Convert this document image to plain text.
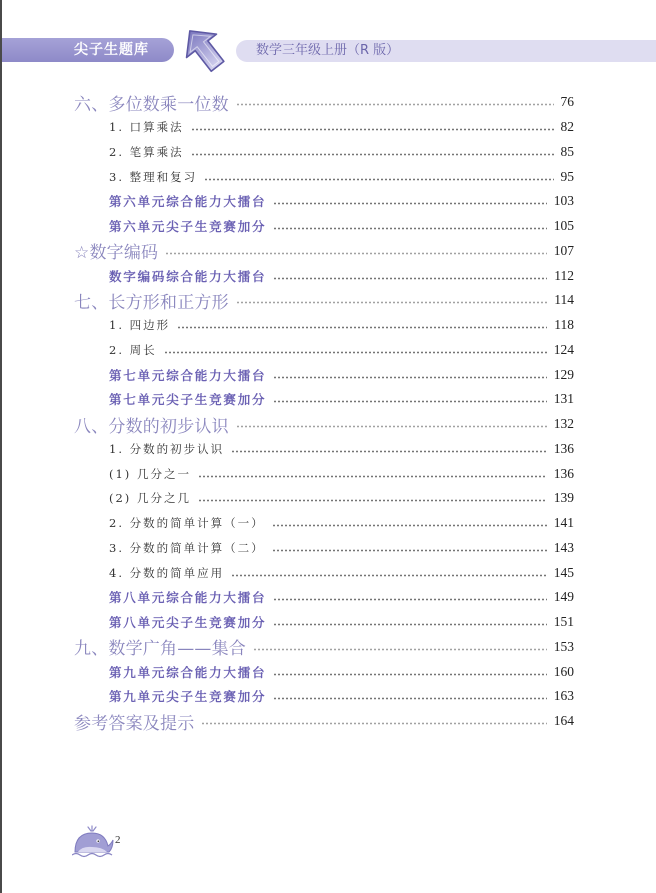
尖子生题库	数学三年级上册（R 版）
六、多位数乘一位数	76
1. 口算乘法	82
2. 笔算乘法	85
3. 整理和复习	95
第六单元综合能力大擂台	103
第六单元尖子生竞赛加分	105
☆数字编码	107
数字编码综合能力大擂台	112
七、长方形和正方形	114
1. 四边形	118
2. 周长	124
第七单元综合能力大擂台	129
第七单元尖子生竞赛加分	131
八、分数的初步认识	132
1. 分数的初步认识	136
(1) 几分之一	136
(2) 几分之几	139
2. 分数的简单计算（一）	141
3. 分数的简单计算（二）	143
4. 分数的简单应用	145
第八单元综合能力大擂台	149
第八单元尖子生竞赛加分	151
九、数学广角——集合	153
第九单元综合能力大擂台	160
第九单元尖子生竞赛加分	163
参考答案及提示	164
2
